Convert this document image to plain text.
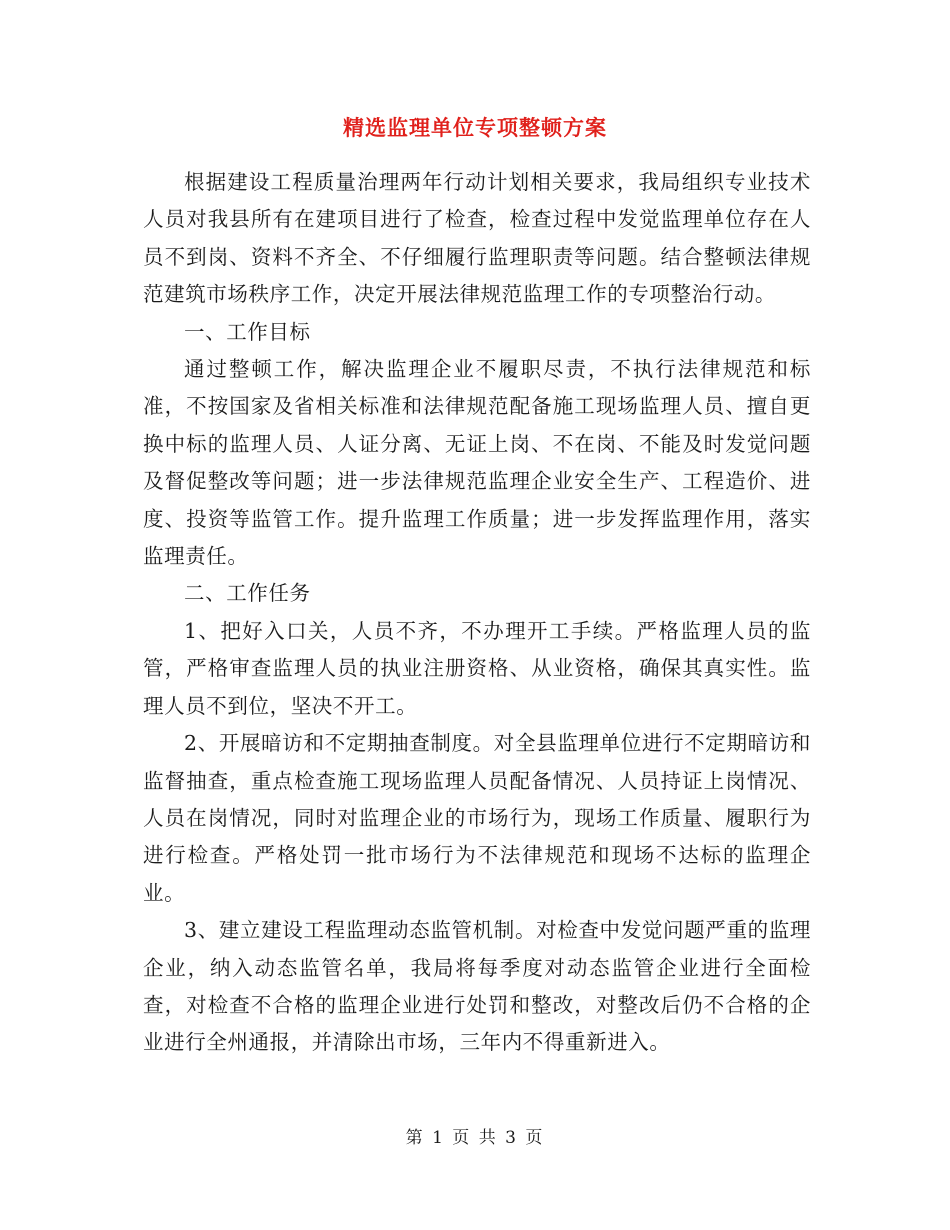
精选监理单位专项整顿方案

根据建设工程质量治理两年行动计划相关要求，我局组织专业技术人员对我县所有在建项目进行了检查，检查过程中发觉监理单位存在人员不到岗、资料不齐全、不仔细履行监理职责等问题。结合整顿法律规范建筑市场秩序工作，决定开展法律规范监理工作的专项整治行动。

一、工作目标

通过整顿工作，解决监理企业不履职尽责，不执行法律规范和标准，不按国家及省相关标准和法律规范配备施工现场监理人员、擅自更换中标的监理人员、人证分离、无证上岗、不在岗、不能及时发觉问题及督促整改等问题；进一步法律规范监理企业安全生产、工程造价、进度、投资等监管工作。提升监理工作质量；进一步发挥监理作用，落实监理责任。

二、工作任务

1、把好入口关，人员不齐，不办理开工手续。严格监理人员的监管，严格审查监理人员的执业注册资格、从业资格，确保其真实性。监理人员不到位，坚决不开工。

2、开展暗访和不定期抽查制度。对全县监理单位进行不定期暗访和监督抽查，重点检查施工现场监理人员配备情况、人员持证上岗情况、人员在岗情况，同时对监理企业的市场行为，现场工作质量、履职行为进行检查。严格处罚一批市场行为不法律规范和现场不达标的监理企业。

3、建立建设工程监理动态监管机制。对检查中发觉问题严重的监理企业，纳入动态监管名单，我局将每季度对动态监管企业进行全面检查，对检查不合格的监理企业进行处罚和整改，对整改后仍不合格的企业进行全州通报，并清除出市场，三年内不得重新进入。

第 1 页 共 3 页
